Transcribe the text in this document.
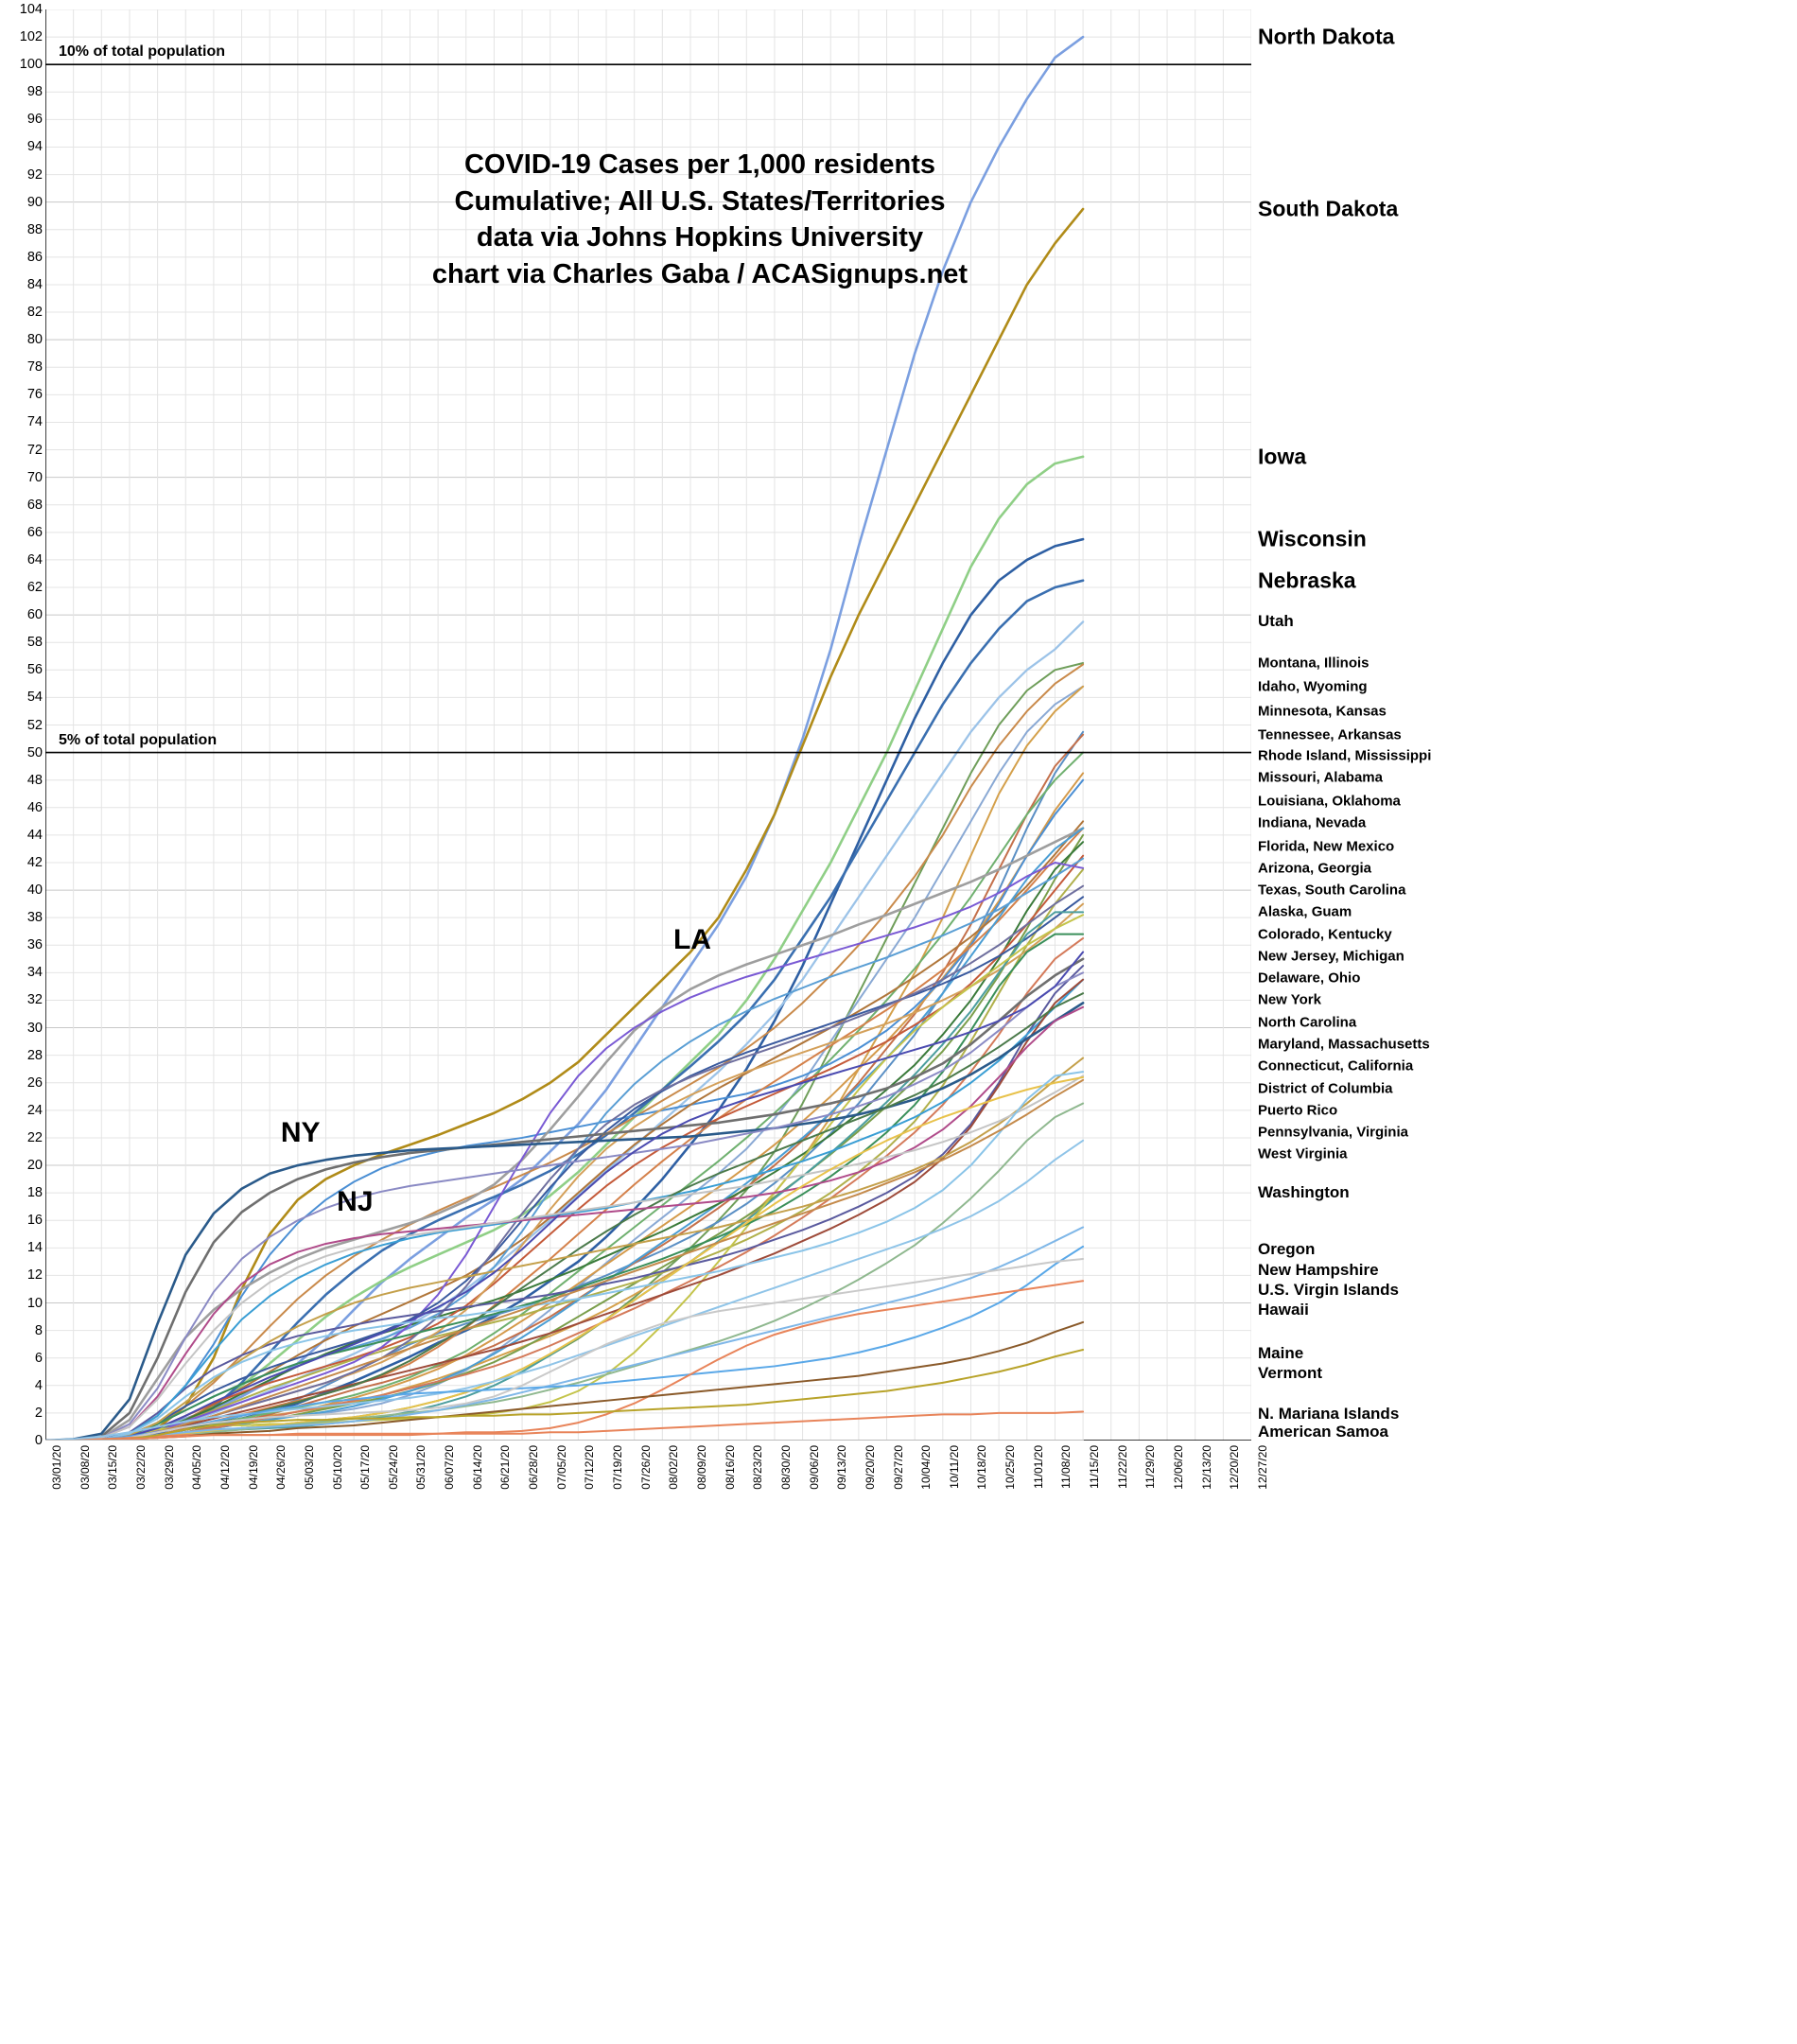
0
2
4
6
8
10
12
14
16
18
20
22
24
26
28
30
32
34
36
38
40
42
44
46
48
50
52
54
56
58
60
62
64
66
68
70
72
74
76
78
80
82
84
86
88
90
92
94
96
98
100
102
104
03/01/20 03/08/20 03/15/20 03/22/20 03/29/20 04/05/20 04/12/20 04/19/20 04/26/20 05/03/20 05/10/20 05/17/20 05/24/20 05/31/20 06/07/20 06/14/20 06/21/20 06/28/20 07/05/20 07/12/20 07/19/20 07/26/20 08/02/20 08/09/20 08/16/20 08/23/20 08/30/20 09/06/20 09/13/20 09/20/20 09/27/20 10/04/20 10/11/20 10/18/20 10/25/20 11/01/20 11/08/20 11/15/20 11/22/20 11/29/20 12/06/20 12/13/20 12/20/20 12/27/20
COVID-19 Cases per 1,000 residents
Cumulative; All U.S. States/Territories
data via Johns Hopkins University
chart via Charles Gaba / ACASignups.net
10% of total population
5% of total population
LA
NY
NJ
North Dakota
South Dakota
Iowa
Wisconsin
Nebraska
Utah
Montana, Illinois
Idaho, Wyoming
Minnesota, Kansas
Tennessee, Arkansas
Rhode Island, Mississippi
Missouri, Alabama
Louisiana, Oklahoma
Indiana, Nevada
Florida, New Mexico
Arizona, Georgia
Texas, South Carolina
Alaska, Guam
Colorado, Kentucky
New Jersey, Michigan
Delaware, Ohio
New York
North Carolina
Maryland, Massachusetts
Connecticut, California
District of Columbia
Puerto Rico
Pennsylvania, Virginia
West Virginia
Washington
Oregon
New Hampshire
U.S. Virgin Islands
Hawaii
Maine
Vermont
N. Mariana Islands
American Samoa
